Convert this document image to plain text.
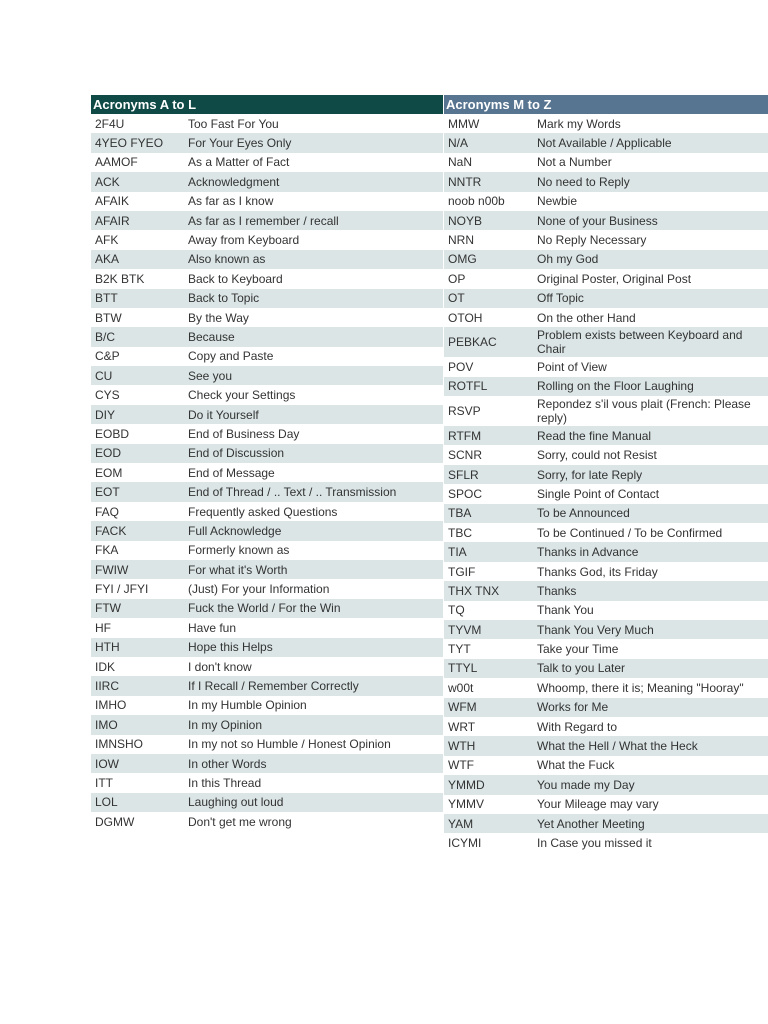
Acronyms A to L
2F4U	Too Fast For You
4YEO FYEO	For Your Eyes Only
AAMOF	As a Matter of Fact
ACK	Acknowledgment
AFAIK	As far as I know
AFAIR	As far as I remember / recall
AFK	Away from Keyboard
AKA	Also known as
B2K BTK	Back to Keyboard
BTT	Back to Topic
BTW	By the Way
B/C	Because
C&P	Copy and Paste
CU	See you
CYS	Check your Settings
DIY	Do it Yourself
EOBD	End of Business Day
EOD	End of Discussion
EOM	End of Message
EOT	End of Thread / .. Text / .. Transmission
FAQ	Frequently asked Questions
FACK	Full Acknowledge
FKA	Formerly known as
FWIW	For what it's Worth
FYI / JFYI	(Just) For your Information
FTW	Fuck the World / For the Win
HF	Have fun
HTH	Hope this Helps
IDK	I don't know
IIRC	If I Recall / Remember Correctly
IMHO	In my Humble Opinion
IMO	In my Opinion
IMNSHO	In my not so Humble / Honest Opinion
IOW	In other Words
ITT	In this Thread
LOL	Laughing out loud
DGMW	Don't get me wrong
Acronyms M to Z
MMW	Mark my Words
N/A	Not Available / Applicable
NaN	Not a Number
NNTR	No need to Reply
noob n00b	Newbie
NOYB	None of your Business
NRN	No Reply Necessary
OMG	Oh my God
OP	Original Poster, Original Post
OT	Off Topic
OTOH	On the other Hand
PEBKAC	Problem exists between Keyboard and Chair
POV	Point of View
ROTFL	Rolling on the Floor Laughing
RSVP	Repondez s'il vous plait (French: Please reply)
RTFM	Read the fine Manual
SCNR	Sorry, could not Resist
SFLR	Sorry, for late Reply
SPOC	Single Point of Contact
TBA	To be Announced
TBC	To be Continued / To be Confirmed
TIA	Thanks in Advance
TGIF	Thanks God, its Friday
THX TNX	Thanks
TQ	Thank You
TYVM	Thank You Very Much
TYT	Take your Time
TTYL	Talk to you Later
w00t	Whoomp, there it is; Meaning "Hooray"
WFM	Works for Me
WRT	With Regard to
WTH	What the Hell / What the Heck
WTF	What the Fuck
YMMD	You made my Day
YMMV	Your Mileage may vary
YAM	Yet Another Meeting
ICYMI	In Case you missed it
